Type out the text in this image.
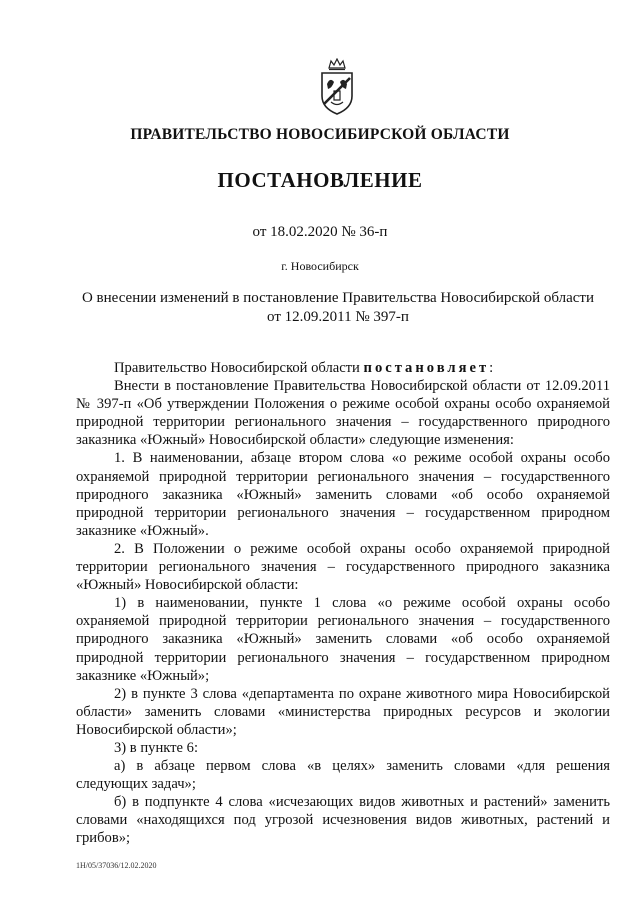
ПРАВИТЕЛЬСТВО НОВОСИБИРСКОЙ ОБЛАСТИ
ПОСТАНОВЛЕНИЕ
от 18.02.2020 № 36-п
г. Новосибирск
О внесении изменений в постановление Правительства Новосибирской области
от 12.09.2011 № 397-п

Правительство Новосибирской области постановляет:

Внести в постановление Правительства Новосибирской области от 12.09.2011 № 397-п «Об утверждении Положения о режиме особой охраны особо охраняемой природной территории регионального значения – государственного природного заказника «Южный» Новосибирской области» следующие изменения:

1. В наименовании, абзаце втором слова «о режиме особой охраны особо охраняемой природной территории регионального значения – государственного природного заказника «Южный» заменить словами «об особо охраняемой природной территории регионального значения – государственном природном заказнике «Южный».

2. В Положении о режиме особой охраны особо охраняемой природной территории регионального значения – государственного природного заказника «Южный» Новосибирской области:

1) в наименовании, пункте 1 слова «о режиме особой охраны особо охраняемой природной территории регионального значения – государственного природного заказника «Южный» заменить словами «об особо охраняемой природной территории регионального значения – государственном природном заказнике «Южный»;

2) в пункте 3 слова «департамента по охране животного мира Новосибирской области» заменить словами «министерства природных ресурсов и экологии Новосибирской области»;

3) в пункте 6:

а) в абзаце первом слова «в целях» заменить словами «для решения следующих задач»;

б) в подпункте 4 слова «исчезающих видов животных и растений» заменить словами «находящихся под угрозой исчезновения видов животных, растений и грибов»;

1Н/05/37036/12.02.2020
